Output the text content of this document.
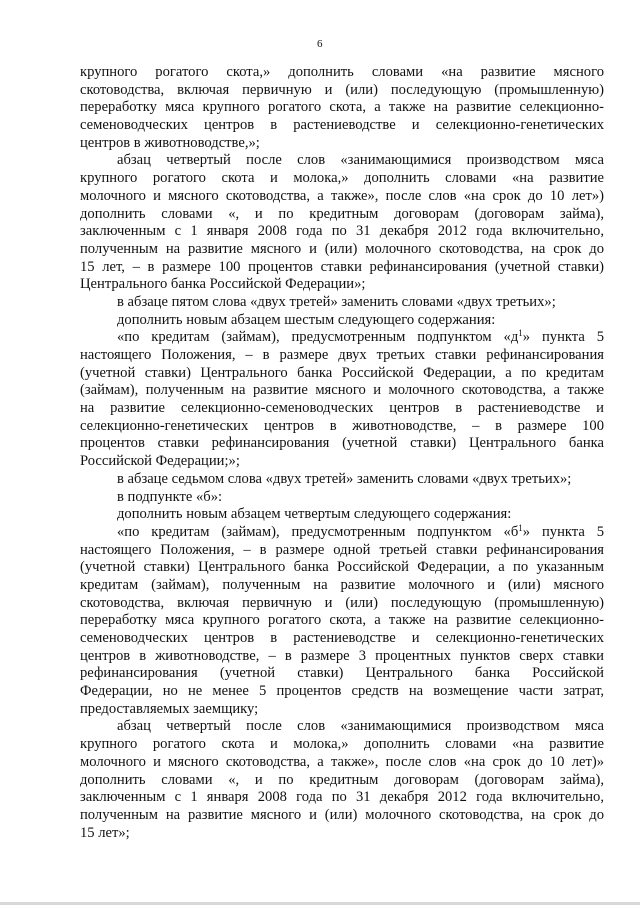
6
крупного рогатого скота,» дополнить словами «на развитие мясного
скотоводства, включая первичную и (или) последующую (промышленную)
переработку мяса крупного рогатого скота, а также на развитие селекционно-
семеноводческих центров в растениеводстве и селекционно-генетических
центров в животноводстве,»;
абзац четвертый после слов «занимающимися производством мяса
крупного рогатого скота и молока,» дополнить словами «на развитие
молочного и мясного скотоводства, а также», после слов «на срок до 10 лет»)
дополнить словами «, и по кредитным договорам (договорам займа),
заключенным с 1 января 2008 года по 31 декабря 2012 года включительно,
полученным на развитие мясного и (или) молочного скотоводства, на срок до
15 лет, – в размере 100 процентов ставки рефинансирования (учетной ставки)
Центрального банка Российской Федерации»;
в абзаце пятом слова «двух третей» заменить словами «двух третьих»;
дополнить новым абзацем шестым следующего содержания:
«по кредитам (займам), предусмотренным подпунктом «$д^1$» пункта 5
настоящего Положения, – в размере двух третьих ставки рефинансирования
(учетной ставки) Центрального банка Российской Федерации, а по кредитам
(займам), полученным на развитие мясного и молочного скотоводства, а также
на развитие селекционно-семеноводческих центров в растениеводстве и
селекционно-генетических центров в животноводстве, – в размере 100
процентов ставки рефинансирования (учетной ставки) Центрального банка
Российской Федерации;»;
в абзаце седьмом слова «двух третей» заменить словами «двух третьих»;
в подпункте «б»:
дополнить новым абзацем четвертым следующего содержания:
«по кредитам (займам), предусмотренным подпунктом «$б^1$» пункта 5
настоящего Положения, – в размере одной третьей ставки рефинансирования
(учетной ставки) Центрального банка Российской Федерации, а по указанным
кредитам (займам), полученным на развитие молочного и (или) мясного
скотоводства, включая первичную и (или) последующую (промышленную)
переработку мяса крупного рогатого скота, а также на развитие селекционно-
семеноводческих центров в растениеводстве и селекционно-генетических
центров в животноводстве, – в размере 3 процентных пунктов сверх ставки
рефинансирования (учетной ставки) Центрального банка Российской
Федерации, но не менее 5 процентов средств на возмещение части затрат,
предоставляемых заемщику;
абзац четвертый после слов «занимающимися производством мяса
крупного рогатого скота и молока,» дополнить словами «на развитие
молочного и мясного скотоводства, а также», после слов «на срок до 10 лет)»
дополнить словами «, и по кредитным договорам (договорам займа),
заключенным с 1 января 2008 года по 31 декабря 2012 года включительно,
полученным на развитие мясного и (или) молочного скотоводства, на срок до
15 лет»;
